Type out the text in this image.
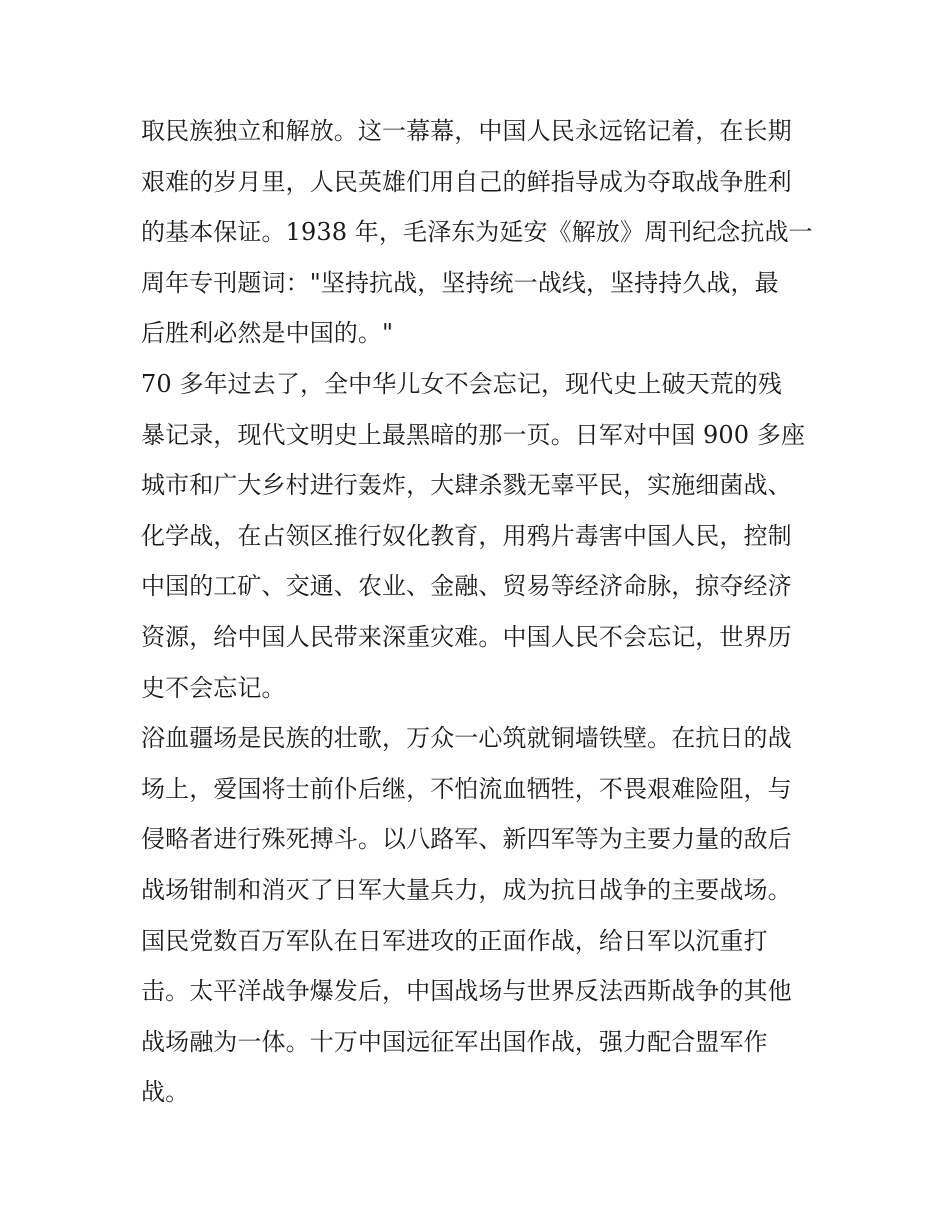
取民族独立和解放。这一幕幕，中国人民永远铭记着，在长期
艰难的岁月里，人民英雄们用自己的鲜指导成为夺取战争胜利
的基本保证。1938 年，毛泽东为延安《解放》周刊纪念抗战一
周年专刊题词："坚持抗战，坚持统一战线，坚持持久战，最
后胜利必然是中国的。"
70 多年过去了，全中华儿女不会忘记，现代史上破天荒的残
暴记录，现代文明史上最黑暗的那一页。日军对中国 900 多座
城市和广大乡村进行轰炸，大肆杀戮无辜平民，实施细菌战、
化学战，在占领区推行奴化教育，用鸦片毒害中国人民，控制
中国的工矿、交通、农业、金融、贸易等经济命脉，掠夺经济
资源，给中国人民带来深重灾难。中国人民不会忘记，世界历
史不会忘记。
浴血疆场是民族的壮歌，万众一心筑就铜墙铁壁。在抗日的战
场上，爱国将士前仆后继，不怕流血牺牲，不畏艰难险阻，与
侵略者进行殊死搏斗。以八路军、新四军等为主要力量的敌后
战场钳制和消灭了日军大量兵力，成为抗日战争的主要战场。
国民党数百万军队在日军进攻的正面作战，给日军以沉重打
击。太平洋战争爆发后，中国战场与世界反法西斯战争的其他
战场融为一体。十万中国远征军出国作战，强力配合盟军作
战。
